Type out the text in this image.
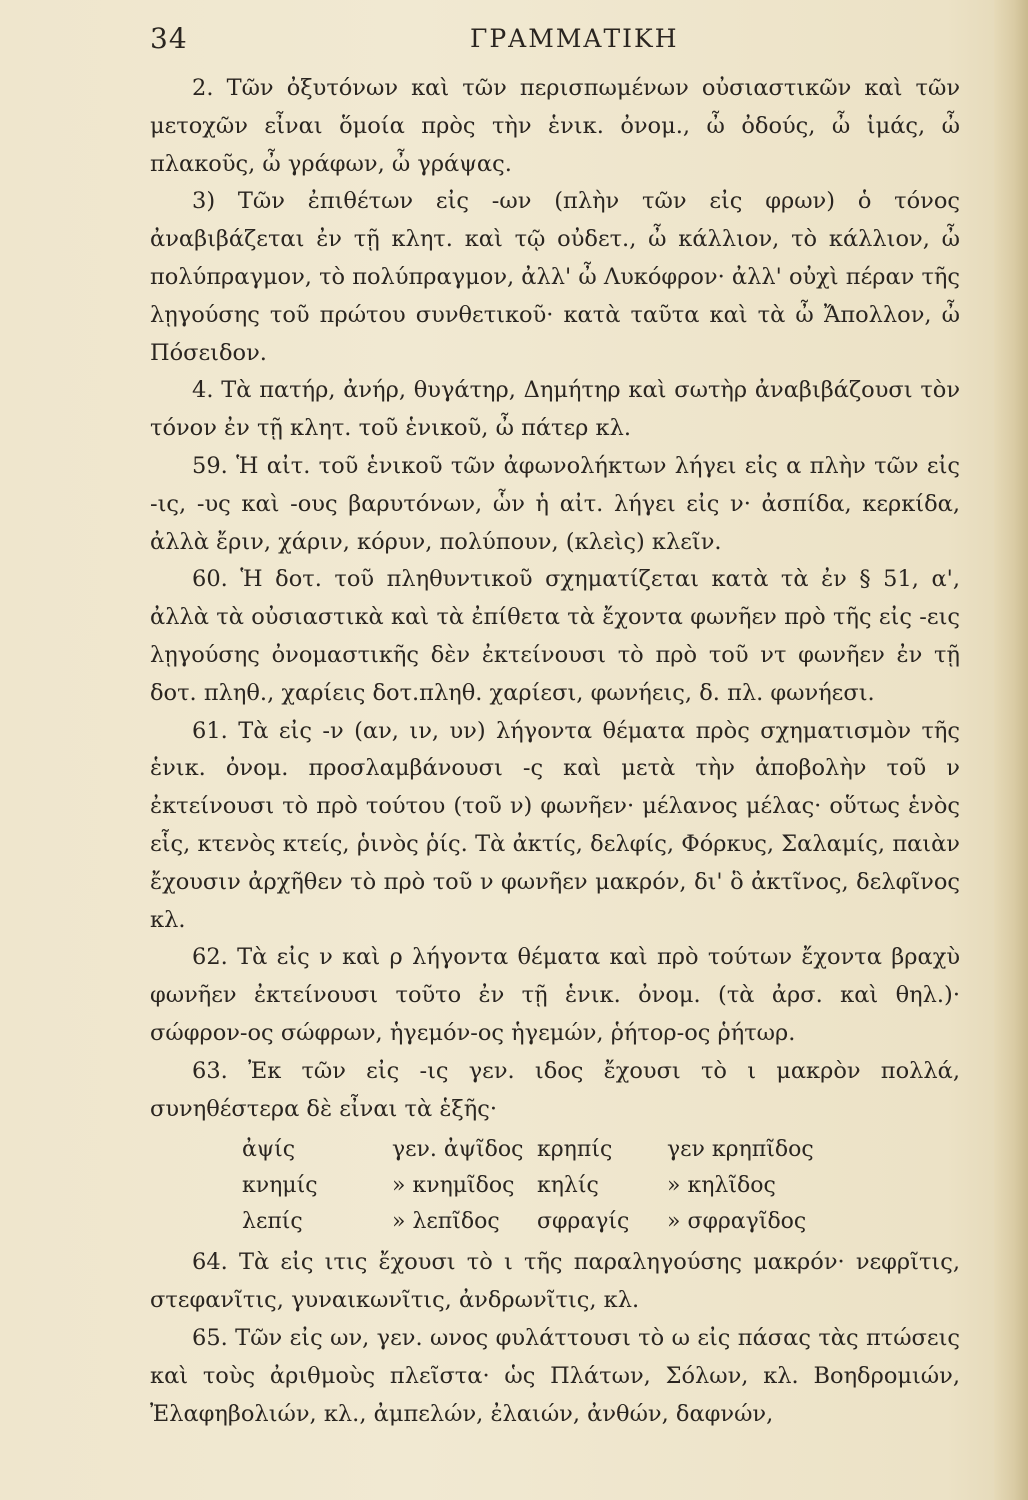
34	ΓΡΑΜΜΑΤΙΚΗ

2. Τῶν ὀξυτόνων καὶ τῶν περισπωμένων οὐσιαστικῶν καὶ τῶν μετοχῶν εἶναι ὅμοία πρὸς τὴν ἑνικ. ὀνομ., ὦ ὀδούς, ὦ ἱμάς, ὦ πλακοῦς, ὦ γράφων, ὦ γράψας.

3) Τῶν ἐπιθέτων εἰς -ων (πλὴν τῶν εἰς φρων) ὁ τόνος ἀναβιβάζεται ἐν τῇ κλητ. καὶ τῷ οὐδετ., ὦ κάλλιον, τὸ κάλλιον, ὦ πολύπραγμον, τὸ πολύπραγμον, ἀλλ' ὦ Λυκόφρον· ἀλλ' οὐχὶ πέραν τῆς λῃγούσης τοῦ πρώτου συνθετικοῦ· κατὰ ταῦτα καὶ τὰ ὦ Ἄπολλον, ὦ Πόσειδον.

4. Τὰ πατήρ, ἀνήρ, θυγάτηρ, Δημήτηρ καὶ σωτὴρ ἀναβιβάζουσι τὸν τόνον ἐν τῇ κλητ. τοῦ ἑνικοῦ, ὦ πάτερ κλ.

59. Ἡ αἰτ. τοῦ ἑνικοῦ τῶν ἀφωνολήκτων λήγει εἰς α πλὴν τῶν εἰς -ις, -υς καὶ -ους βαρυτόνων, ὧν ἡ αἰτ. λήγει εἰς ν· ἀσπίδα, κερκίδα, ἀλλὰ ἔριν, χάριν, κόρυν, πολύπουν, (κλεὶς) κλεῖν.

60. Ἡ δοτ. τοῦ πληθυντικοῦ σχηματίζεται κατὰ τὰ ἐν § 51, α', ἀλλὰ τὰ οὐσιαστικὰ καὶ τὰ ἐπίθετα τὰ ἔχοντα φωνῆεν πρὸ τῆς εἰς -εις λῃγούσης ὀνομαστικῆς δὲν ἐκτείνουσι τὸ πρὸ τοῦ ντ φωνῆεν ἐν τῇ δοτ. πληθ., χαρίεις δοτ.πληθ. χαρίεσι, φωνήεις, δ. πλ. φωνήεσι.

61. Τὰ εἰς -ν (αν, ιν, υν) λήγοντα θέματα πρὸς σχηματισμὸν τῆς ἑνικ. ὀνομ. προσλαμβάνουσι -ς καὶ μετὰ τὴν ἀποβολὴν τοῦ ν ἐκτείνουσι τὸ πρὸ τούτου (τοῦ ν) φωνῆεν· μέλανος μέλας· οὕτως ἑνὸς εἷς, κτενὸς κτείς, ῥινὸς ῥίς. Τὰ ἀκτίς, δελφίς, Φόρκυς, Σαλαμίς, παιὰν ἔχουσιν ἀρχῆθεν τὸ πρὸ τοῦ ν φωνῆεν μακρόν, δι' ὃ ἀκτῖνος, δελφῖνος κλ.

62. Τὰ εἰς ν καὶ ρ λήγοντα θέματα καὶ πρὸ τούτων ἔχοντα βραχὺ φωνῆεν ἐκτείνουσι τοῦτο ἐν τῇ ἑνικ. ὀνομ. (τὰ ἀρσ. καὶ θηλ.)· σώφρον-ος σώφρων, ἡγεμόν-ος ἡγεμών, ῥήτορ-ος ῥήτωρ.

63. Ἐκ τῶν εἰς -ις γεν. ιδος ἔχουσι τὸ ι μακρὸν πολλά, συνηθέστερα δὲ εἶναι τὰ ἑξῆς·

ἀψίς	γεν. ἀψῖδος κρηπίς	γεν κρηπῖδος
κνημίς	» κνημῖδος	κηλίς	» κηλῖδος
λεπίς	» λεπῖδος	σφραγίς	» σφραγῖδος

64. Τὰ εἰς ιτις ἔχουσι τὸ ι τῆς παραληγούσης μακρόν· νεφρῖτις, στεφανῖτις, γυναικωνῖτις, ἀνδρωνῖτις, κλ.

65. Τῶν εἰς ων, γεν. ωνος φυλάττουσι τὸ ω εἰς πάσας τὰς πτώσεις καὶ τοὺς ἀριθμοὺς πλεῖστα· ὡς Πλάτων, Σόλων, κλ. Βοηδρομιών, Ἐλαφηβολιών, κλ., ἀμπελών, ἐλαιών, ἀνθών, δαφνών,
